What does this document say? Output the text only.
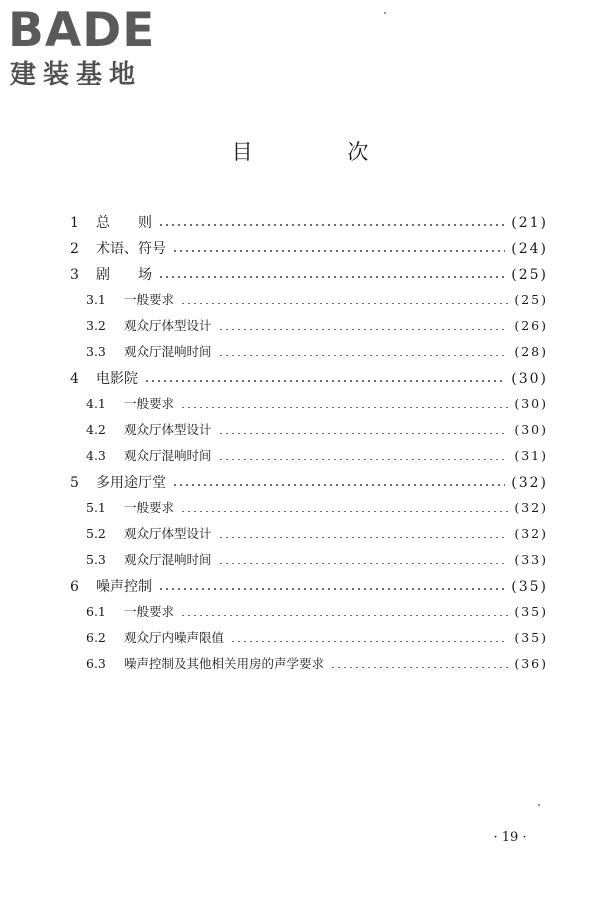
BADE
建装基地
目 次
1	总　　则	(21)
2	术语、符号	(24)
3	剧　　场	(25)
3.1	一般要求	(25)
3.2	观众厅体型设计	(26)
3.3	观众厅混响时间	(28)
4	电影院	(30)
4.1	一般要求	(30)
4.2	观众厅体型设计	(30)
4.3	观众厅混响时间	(31)
5	多用途厅堂	(32)
5.1	一般要求	(32)
5.2	观众厅体型设计	(32)
5.3	观众厅混响时间	(33)
6	噪声控制	(35)
6.1	一般要求	(35)
6.2	观众厅内噪声限值	(35)
6.3	噪声控制及其他相关用房的声学要求	(36)

· 19 ·
